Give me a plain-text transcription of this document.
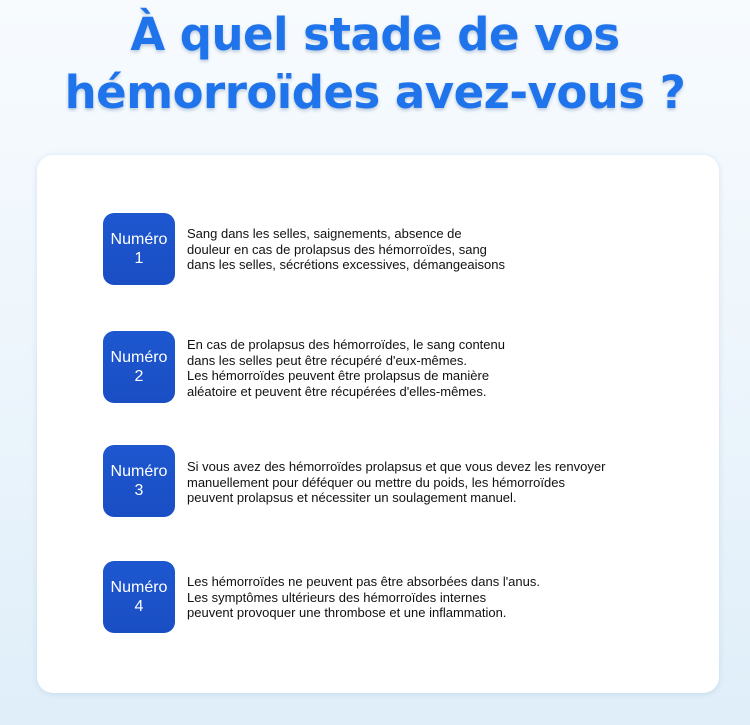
À quel stade de vos
hémorroïdes avez-vous ?
Numéro
1

Sang dans les selles, saignements, absence de
douleur en cas de prolapsus des hémorroïdes, sang
dans les selles, sécrétions excessives, démangeaisons

Numéro
2

En cas de prolapsus des hémorroïdes, le sang contenu
dans les selles peut être récupéré d'eux-mêmes.
Les hémorroïdes peuvent être prolapsus de manière
aléatoire et peuvent être récupérées d'elles-mêmes.

Numéro
3

Si vous avez des hémorroïdes prolapsus et que vous devez les renvoyer
manuellement pour déféquer ou mettre du poids, les hémorroïdes
peuvent prolapsus et nécessiter un soulagement manuel.

Numéro
4

Les hémorroïdes ne peuvent pas être absorbées dans l'anus.
Les symptômes ultérieurs des hémorroïdes internes
peuvent provoquer une thrombose et une inflammation.
